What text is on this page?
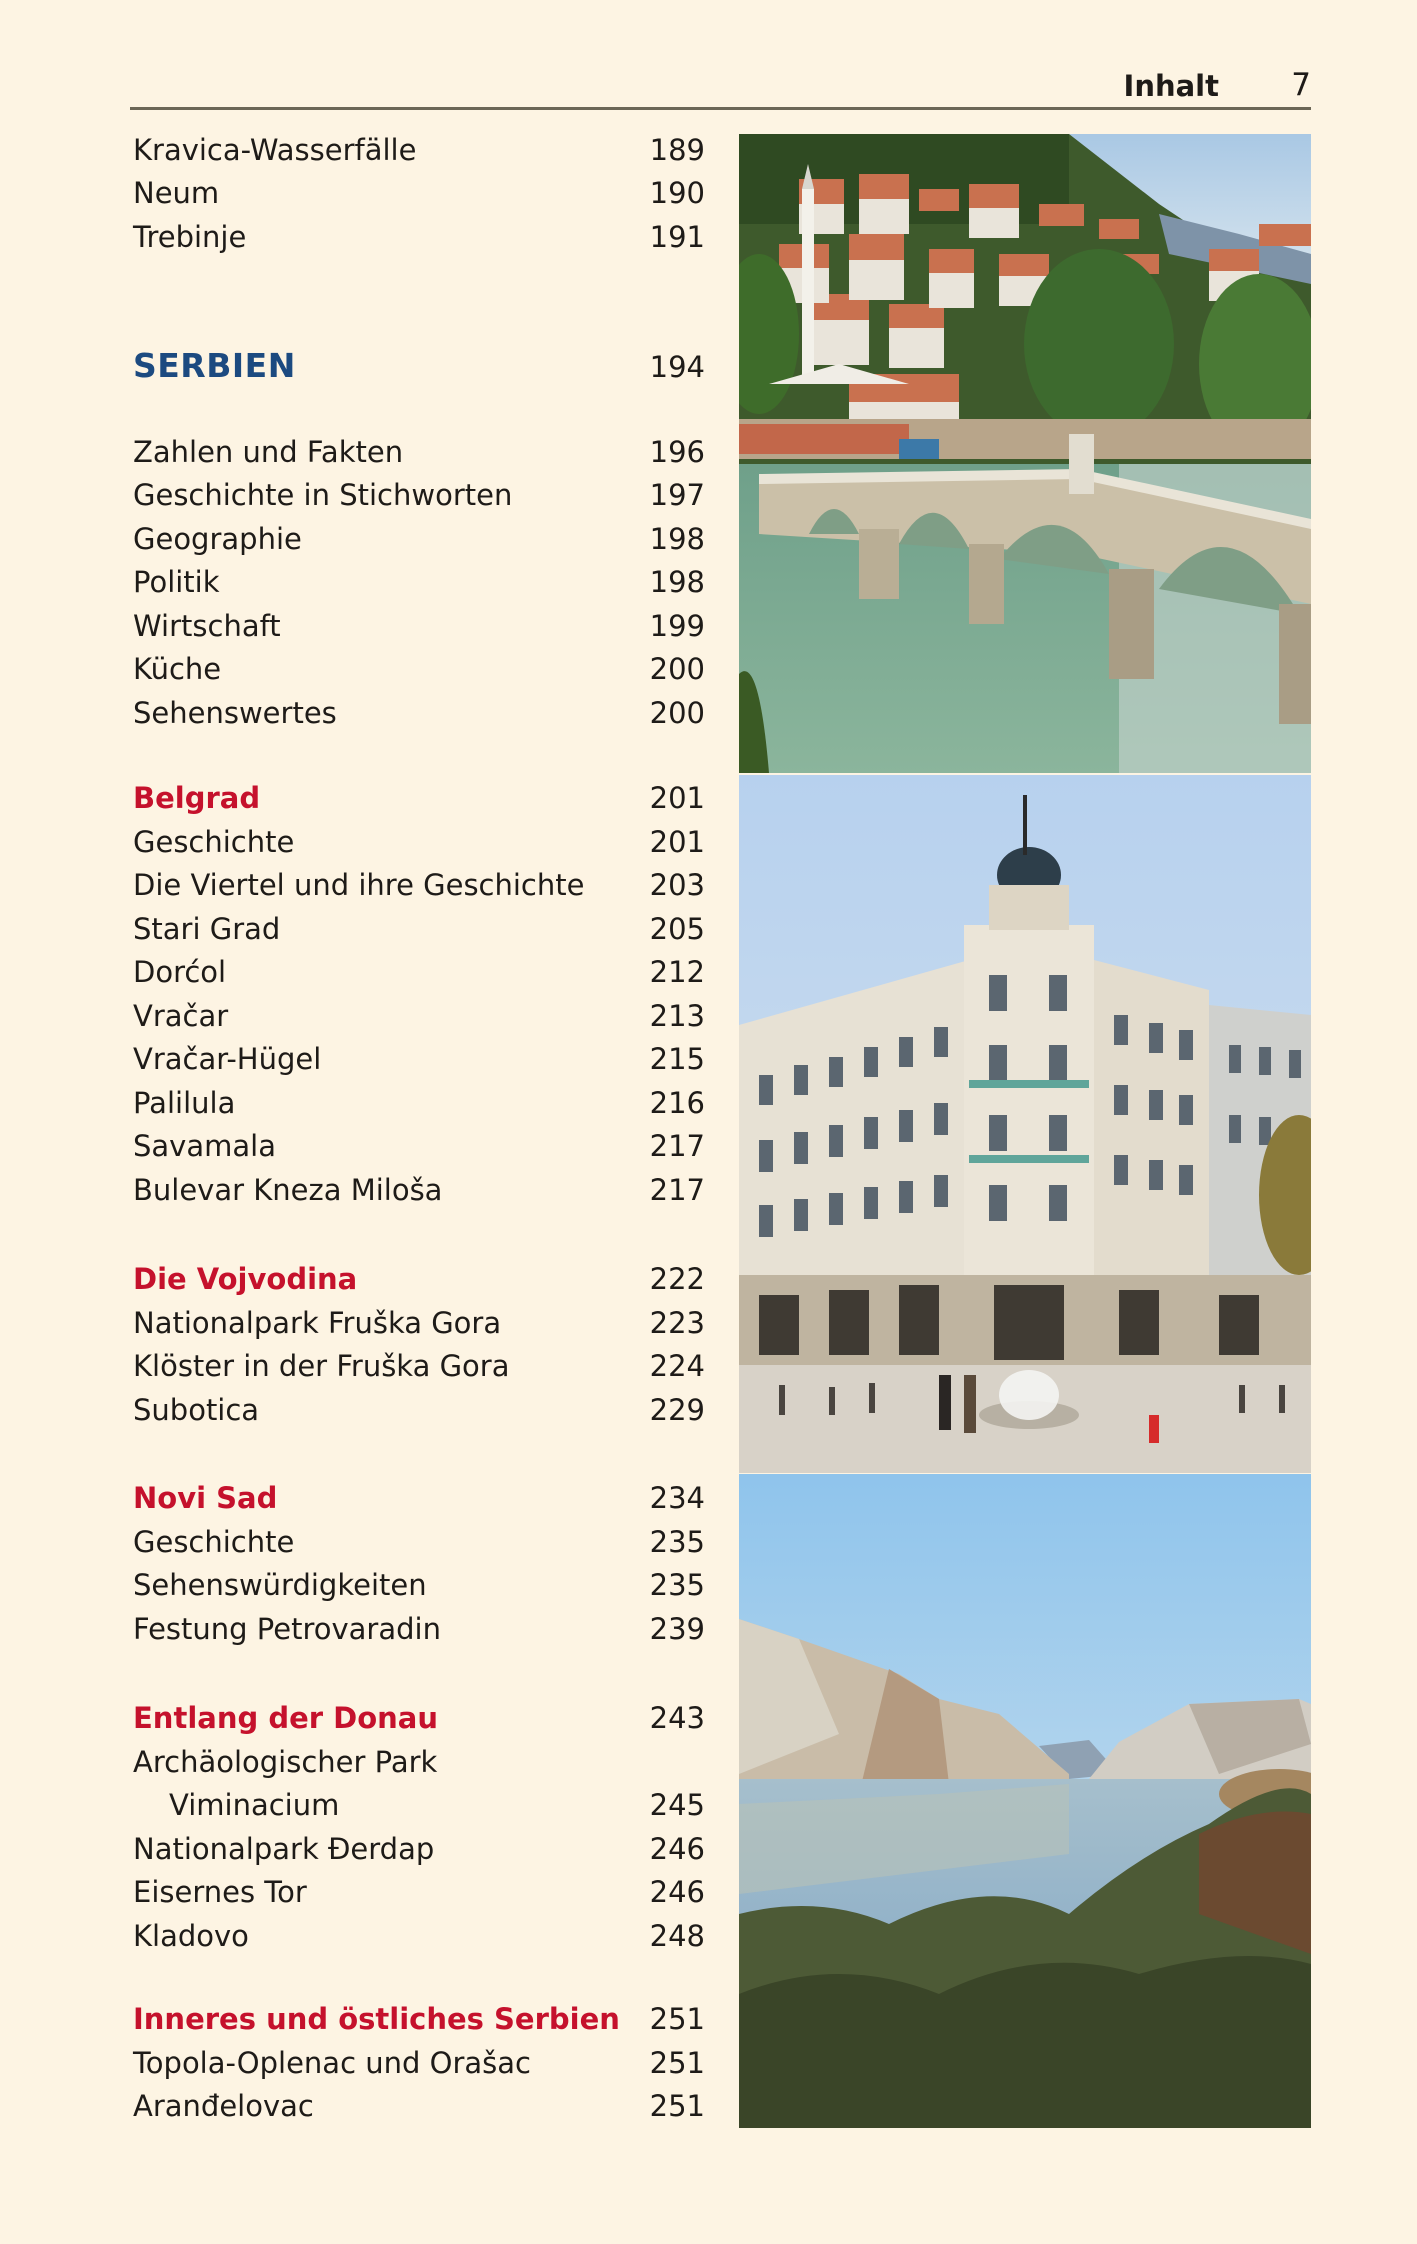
Inhalt 7
Kravica-Wasserfälle	189
Neum	190
Trebinje	191
SERBIEN	194
Zahlen und Fakten	196
Geschichte in Stichworten	197
Geographie	198
Politik	198
Wirtschaft	199
Küche	200
Sehenswertes	200
Belgrad	201
Geschichte	201
Die Viertel und ihre Geschichte 203
Stari Grad	205
Dorćol	212
Vračar	213
Vračar-Hügel	215
Palilula	216
Savamala	217
Bulevar Kneza Miloša	217
Die Vojvodina	222
Nationalpark Fruška Gora	223
Klöster in der Fruška Gora	224
Subotica	229
Novi Sad	234
Geschichte	235
Sehenswürdigkeiten	235
Festung Petrovaradin	239
Entlang der Donau	243
Archäologischer Park
Viminacium	245
Nationalpark Đerdap	246
Eisernes Tor	246
Kladovo	248
Inneres und östliches Serbien 251
Topola-Oplenac und Orašac	251
Aranđelovac	251
